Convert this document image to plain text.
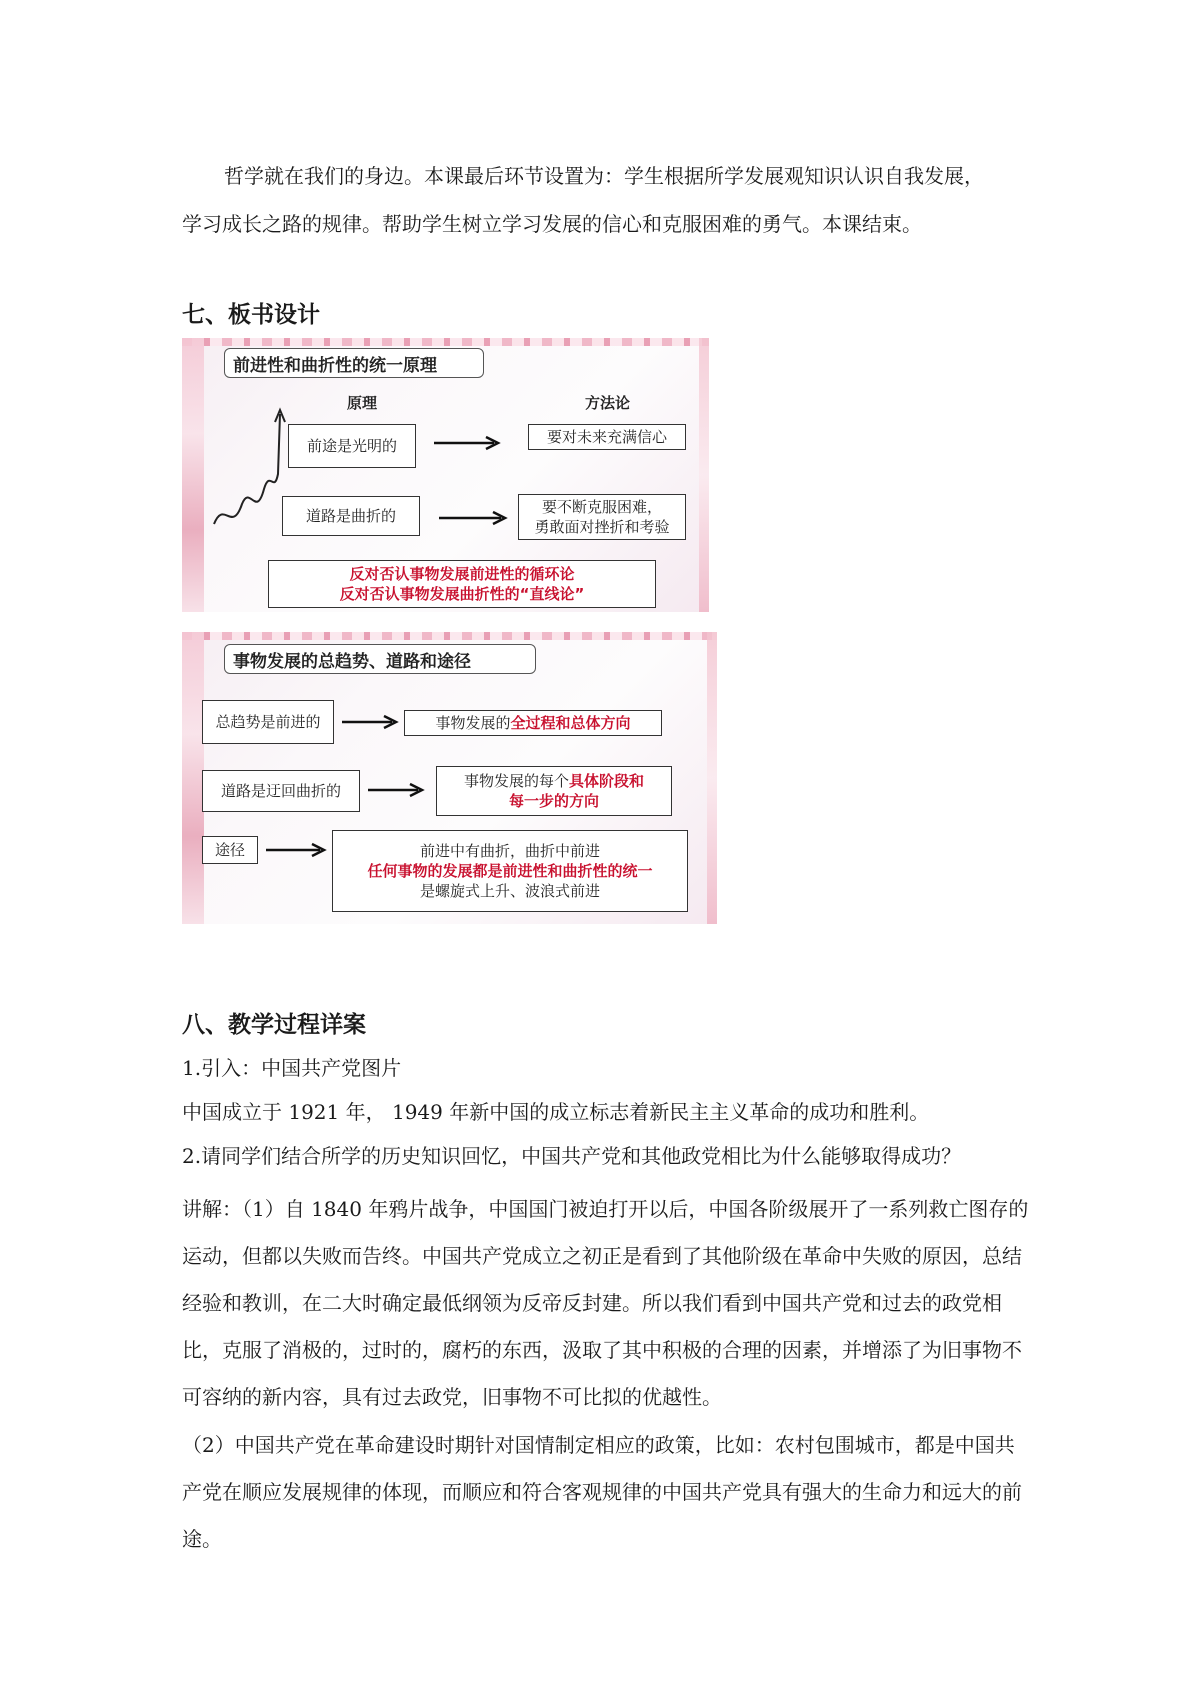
哲学就在我们的身边。本课最后环节设置为：学生根据所学发展观知识认识自我发展，

学习成长之路的规律。帮助学生树立学习发展的信心和克服困难的勇气。本课结束。

七、板书设计
前进性和曲折性的统一原理
原理	方法论
前途是光明的	要对未来充满信心
道路是曲折的
要不断克服困难，
勇敢面对挫折和考验
反对否认事物发展前进性的循环论
反对否认事物发展曲折性的“直线论”
事物发展的总趋势、道路和途径
总趋势是前进的	事物发展的 全过程和总体方向
道路是迂回曲折的
事物发展的每个具体阶段和
每一步的方向
途径	前进中有曲折，曲折中前进
任何事物的发展都是前进性和曲折性的统一
是螺旋式上升、波浪式前进
八、教学过程详案

1.引入：中国共产党图片

中国成立于 1921 年， 1949 年新中国的成立标志着新民主主义革命的成功和胜利。

2.请同学们结合所学的历史知识回忆，中国共产党和其他政党相比为什么能够取得成功？

讲解：（1）自 1840 年鸦片战争，中国国门被迫打开以后，中国各阶级展开了一系列救亡图存的运动，但都以失败而告终。中国共产党成立之初正是看到了其他阶级在革命中失败的原因，总结经验和教训，在二大时确定最低纲领为反帝反封建。所以我们看到中国共产党和过去的政党相比，克服了消极的，过时的，腐朽的东西，汲取了其中积极的合理的因素，并增添了为旧事物不可容纳的新内容，具有过去政党，旧事物不可比拟的优越性。

（2）中国共产党在革命建设时期针对国情制定相应的政策，比如：农村包围城市，都是中国共产党在顺应发展规律的体现，而顺应和符合客观规律的中国共产党具有强大的生命力和远大的前途。
